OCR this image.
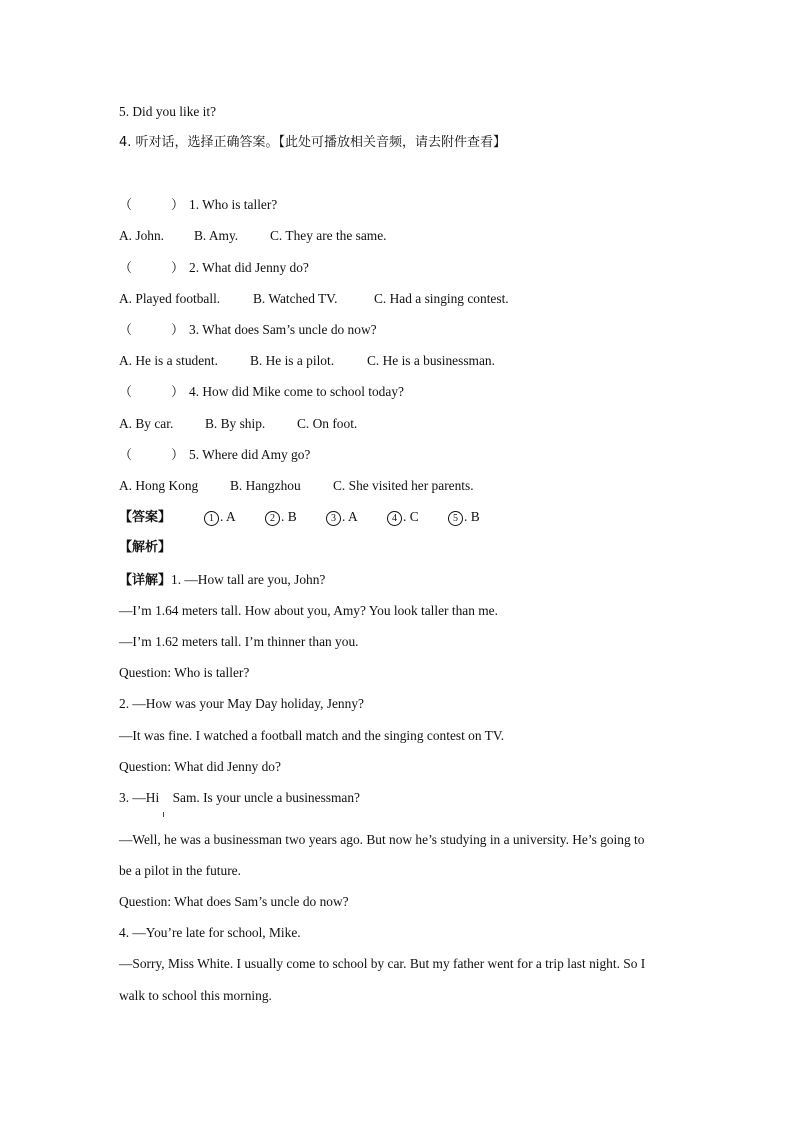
5. Did you like it?
4. 听对话，选择正确答案。【此处可播放相关音频，请去附件查看】
（	） 1. Who is taller?
A. John. B. Amy. C. They are the same.
（	） 2. What did Jenny do?
A. Played football. B. Watched TV.	C. Had a singing contest.
（	） 3. What does Sam’s uncle do now?
A. He is a student. B. He is a pilot. C. He is a businessman.
（	） 4. How did Mike come to school today?
A. By car. B. By ship. C. On foot.
（	） 5. Where did Amy go?
A. Hong Kong B. Hangzhou C. She visited her parents.
【答案】	1 . A	2 . B	3 . A	4 . C	5 . B
【解析】
【详解】1. —How tall are you, John?
—I’m 1.64 meters tall. How about you, Amy? You look taller than me.
—I’m 1.62 meters tall. I’m thinner than you.
Question: Who is taller?
2. —How was your May Day holiday, Jenny?
—It was fine. I watched a football match and the singing contest on TV.
Question: What did Jenny do?
3. —Hi    Sam. Is your uncle a businessman?
—Well, he was a businessman two years ago. But now he’s studying in a university. He’s going to
be a pilot in the future.
Question: What does Sam’s uncle do now?
4. —You’re late for school, Mike.
—Sorry, Miss White. I usually come to school by car. But my father went for a trip last night. So I
walk to school this morning.
